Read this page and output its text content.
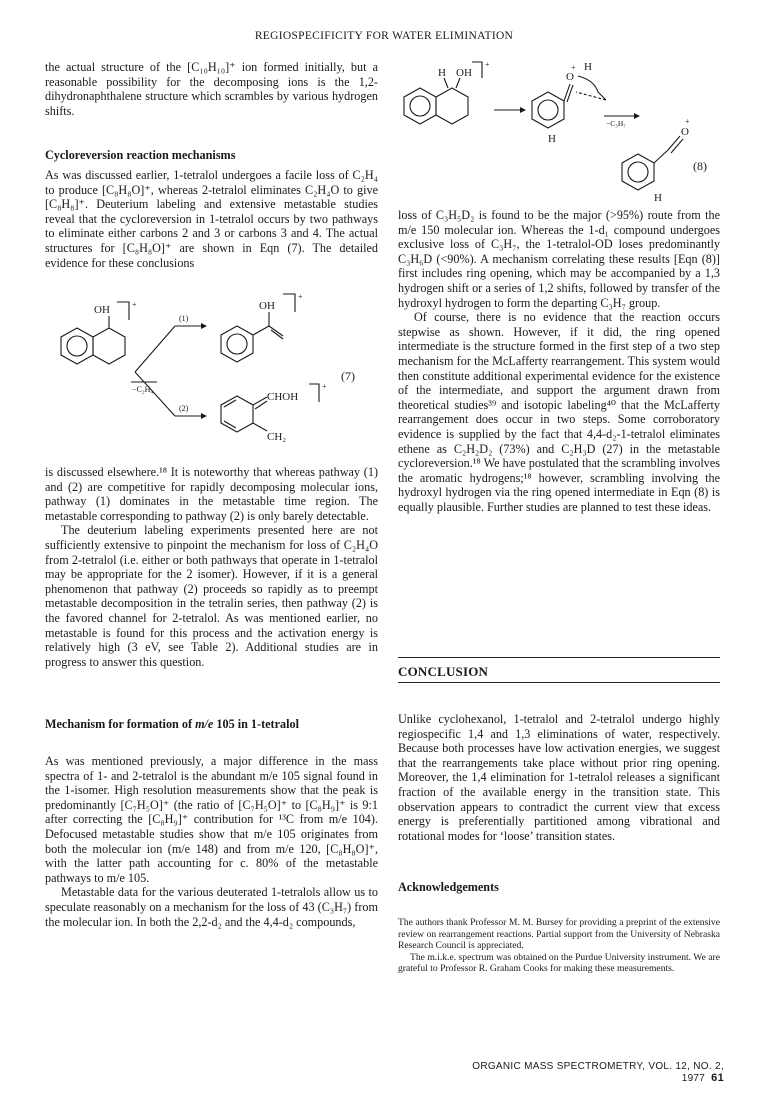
REGIOSPECIFICITY FOR WATER ELIMINATION

the actual structure of the [C₁₀H₁₀]⁺ ion formed initially, but a reasonable possibility for the decomposing ions is the 1,2-dihydronaphthalene structure which scrambles by various hydrogen shifts.

Cycloreversion reaction mechanisms

As was discussed earlier, 1-tetralol undergoes a facile loss of C₂H₄ to produce [C₈H₈O]⁺, whereas 2-tetralol eliminates C₂H₄O to give [C₈H₈]⁺. Deuterium labeling and extensive metastable studies reveal that the cycloreversion in 1-tetralol occurs by two pathways to eliminate either carbons 2 and 3 or carbons 3 and 4. The actual structures for [C₈H₈O]⁺ are shown in Eqn (7). The detailed evidence for these conclusions

OH	+
(1)
(2)
−C₂H₄
OH
+
CHOH
CH₂
+
(7)

is discussed elsewhere.¹⁸ It is noteworthy that whereas pathway (1) and (2) are competitive for rapidly decomposing molecular ions, pathway (1) dominates in the metastable time region. The metastable corresponding to pathway (2) is only barely detectable.

The deuterium labeling experiments presented here are not sufficiently extensive to pinpoint the mechanism for loss of C₂H₄O from 2-tetralol (i.e. either or both pathways that operate in 1-tetralol may be appropriate for the 2 isomer). However, if it is a general phenomenon that pathway (2) proceeds so rapidly as to preempt metastable decomposition in the tetralin series, then pathway (2) is the favored channel for 2-tetralol. As was mentioned earlier, no metastable is found for this process and the activation energy is relatively high (3 eV, see Table 2). Additional studies are in progress to answer this question.

Mechanism for formation of m/e 105 in 1-tetralol

As was mentioned previously, a major difference in the mass spectra of 1- and 2-tetralol is the abundant m/e 105 signal found in the 1-isomer. High resolution measurements show that the peak is predominantly [C₇H₅O]⁺ (the ratio of [C₇H₅O]⁺ to [C₈H₉]⁺ is 9:1 after correcting the [C₈H₉]⁺ contribution for ¹³C from m/e 104). Defocused metastable studies show that m/e 105 originates from both the molecular ion (m/e 148) and from m/e 120, [C₈H₈O]⁺, with the latter path accounting for c. 80% of the metastable pathways to m/e 105.

Metastable data for the various deuterated 1-tetralols allow us to speculate reasonably on a mechanism for the loss of 43 (C₃H₇) from the molecular ion. In both the 2,2-d₂ and the 4,4-d₂ compounds,

H OH
+
O
+ H
H
−C₃H₇
O
+
H
(8)

loss of C₃H₅D₂ is found to be the major (>95%) route from the m/e 150 molecular ion. Whereas the 1-d₁ compound undergoes exclusive loss of C₃H₇, the 1-tetralol-OD loses predominantly C₃H₆D (<90%). A mechanism correlating these results [Eqn (8)] first includes ring opening, which may be accompanied by a 1,3 hydrogen shift or a series of 1,2 shifts, followed by transfer of the hydroxyl hydrogen to form the departing C₃H₇ group.

Of course, there is no evidence that the reaction occurs stepwise as shown. However, if it did, the ring opened intermediate is the structure formed in the first step of a two step mechanism for the McLafferty rearrangement. This system would then constitute additional experimental evidence for the existence of the intermediate, and support the argument drawn from theoretical studies³⁹ and isotopic labeling⁴⁰ that the McLafferty rearrangement does occur in two steps. Some corroboratory evidence is supplied by the fact that 4,4-d₂-1-tetralol eliminates ethene as C₂H₂D₂ (73%) and C₂H₃D (27) in the metastable cycloreversion.¹⁸ We have postulated that the scrambling involves the aromatic hydrogens;¹⁸ however, scrambling involving the hydroxyl hydrogen via the ring opened intermediate in Eqn (8) is equally plausible. Further studies are planned to test these ideas.

CONCLUSION

Unlike cyclohexanol, 1-tetralol and 2-tetralol undergo highly regiospecific 1,4 and 1,3 eliminations of water, respectively. Because both processes have low activation energies, we suggest that the rearrangements take place without prior ring opening. Moreover, the 1,4 elimination for 1-tetralol releases a significant fraction of the available energy in the transition state. This observation appears to contradict the current view that excess energy is preferentially partitioned among vibrational and rotational modes for ‘loose’ transition states.

Acknowledgements

The authors thank Professor M. M. Bursey for providing a preprint of the extensive review on rearrangement reactions. Partial support from the University of Nebraska Research Council is appreciated.

The m.i.k.e. spectrum was obtained on the Purdue University instrument. We are grateful to Professor R. Graham Cooks for making these measurements.

ORGANIC MASS SPECTROMETRY, VOL. 12, NO. 2, 1977 61
